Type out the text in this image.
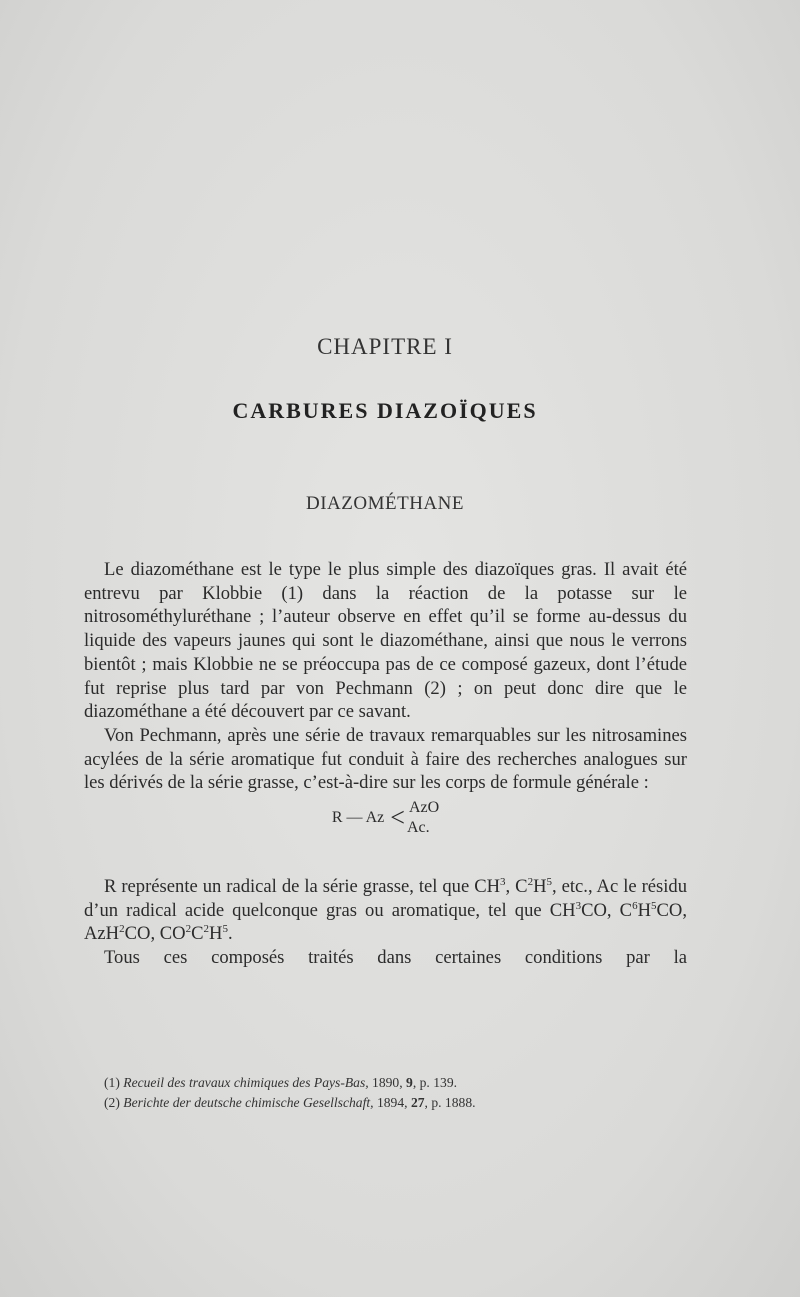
CHAPITRE I
CARBURES DIAZOÏQUES
DIAZOMÉTHANE

Le diazométhane est le type le plus simple des diazoïques gras. Il avait été entrevu par Klobbie (1) dans la réaction de la potasse sur le nitrosométhyluréthane ; l’auteur observe en effet qu’il se forme au-dessus du liquide des vapeurs jaunes qui sont le diazométhane, ainsi que nous le verrons bientôt ; mais Klobbie ne se préoccupa pas de ce composé gazeux, dont l’étude fut reprise plus tard par von Pechmann (2) ; on peut donc dire que le diazométhane a été découvert par ce savant.

Von Pechmann, après une série de travaux remarquables sur les nitrosamines acylées de la série aromatique fut conduit à faire des recherches analogues sur les dérivés de la série grasse, c’est-à-dire sur les corps de formule générale :

R — Az < AzO
Ac.

R représente un radical de la série grasse, tel que $CH^3$, $C^2H^5$, etc., Ac le résidu d’un radical acide quelconque gras ou aromatique, tel que $CH^3CO$, $C^6H^5CO$, AzH$^2$CO, $CO^2C^2H^5$.

Tous ces composés traités dans certaines conditions par la

(1) Recueil des travaux chimiques des Pays-Bas, 1890, 9, p. 139.
(2) Berichte der deutsche chimische Gesellschaft, 1894, 27, p. 1888.
